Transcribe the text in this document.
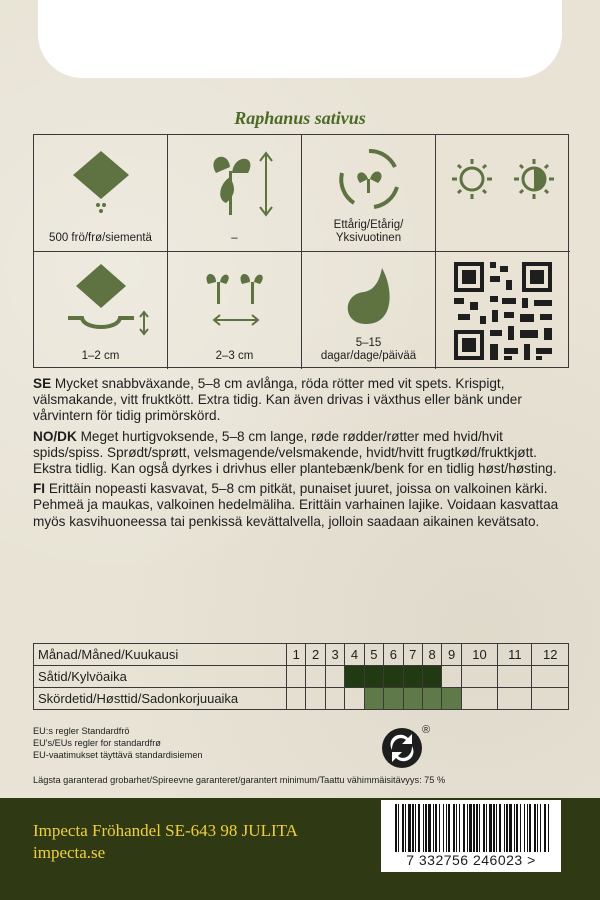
Raphanus sativus
500 frö/frø/siementä	–
Ettårig/Etårig/
Yksivuotinen
1–2 cm	2–3 cm
5–15
dagar/dage/päivää

SE Mycket snabbväxande, 5–8 cm avlånga, röda rötter med vit spets. Krispigt, välsmakande, vitt fruktkött. Extra tidig. Kan även drivas i växthus eller bänk under vårvintern för tidig primörskörd.

NO/DK Meget hurtigvoksende, 5–8 cm lange, røde rødder/røtter med hvid/hvit spids/spiss. Sprødt/sprøtt, velsmagende/velsmakende, hvidt/hvitt frugtkød/fruktkjøtt. Ekstra tidlig. Kan også dyrkes i drivhus eller plantebænk/benk for en tidlig høst/høsting.

FI Erittäin nopeasti kasvavat, 5–8 cm pitkät, punaiset juuret, joissa on valkoinen kärki. Pehmeä ja maukas, valkoinen hedelmäliha. Erittäin varhainen lajike. Voidaan kasvattaa myös kasvihuoneessa tai penkissä kevättalvella, jolloin saadaan aikainen kevätsato.

Månad/Måned/Kuukausi	1	2	3	4	5	6	7	8	9	10	11	12
Såtid/Kylvöaika												
Skördetid/Høsttid/Sadonkorjuuaika												
EU:s regler Standardfrö
EU's/EUs regler for standardfrø
EU-vaatimukset täyttävä standardisiemen
®
Lägsta garanterad grobarhet/Spireevne garanteret/garantert minimum/Taattu vähimmäisitävyys: 75 %
Impecta Fröhandel SE-643 98 JULITA
impecta.se	7 332756 246023 >
